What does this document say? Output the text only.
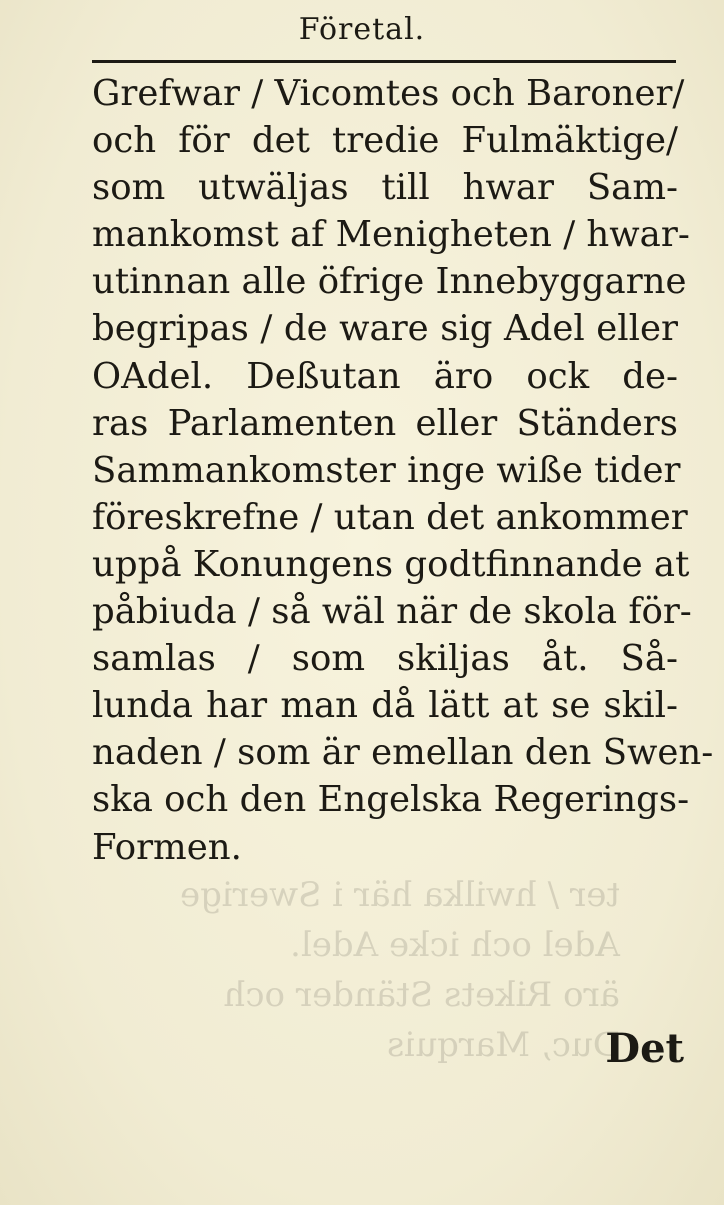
Företal.
Grefwar / Vicomtes och Baroner/
och för det tredie Fulmäktige/
som utwäljas till hwar Sam-
mankomst af Menigheten / hwar-
utinnan alle öfrige Innebyggarne
begripas / de ware sig Adel eller
OAdel. Deßutan äro ock de-
ras Parlamenten eller Ständers
Sammankomster inge wiße tider
föreskrefne / utan det ankommer
uppå Konungens godtfinnande at
påbiuda / så wäl när de skola för-
samlas / som skiljas åt. Så-
lunda har man då lätt at se skil-
naden / som är emellan den Swen-
ska och den Engelska Regerings-
Formen.
ter / hwilka här i Swerige
Adel och icke Adel.
äro Rikets Ständer och
Duc, Marquis
Det
